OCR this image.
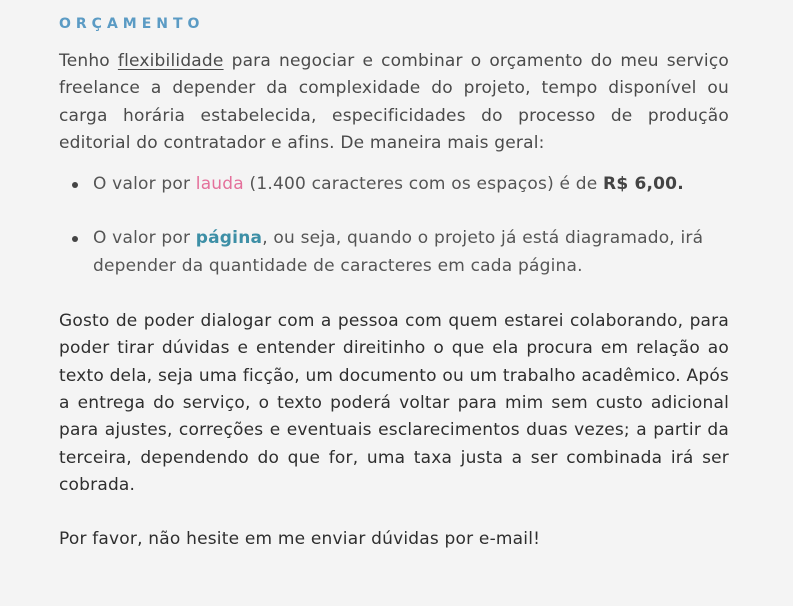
ORÇAMENTO

Tenho flexibilidade para negociar e combinar o orçamento do meu serviço freelance a depender da complexidade do projeto, tempo disponível ou carga horária estabelecida, especificidades do processo de produção editorial do contratador e afins. De maneira mais geral:

O valor por lauda (1.400 caracteres com os espaços) é de R$ 6,00.
O valor por página, ou seja, quando o projeto já está diagramado, irá depender da quantidade de caracteres em cada página.

Gosto de poder dialogar com a pessoa com quem estarei colaborando, para poder tirar dúvidas e entender direitinho o que ela procura em relação ao texto dela, seja uma ficção, um documento ou um trabalho acadêmico. Após a entrega do serviço, o texto poderá voltar para mim sem custo adicional para ajustes, correções e eventuais esclarecimentos duas vezes; a partir da terceira, dependendo do que for, uma taxa justa a ser combinada irá ser cobrada.

Por favor, não hesite em me enviar dúvidas por e-mail!
